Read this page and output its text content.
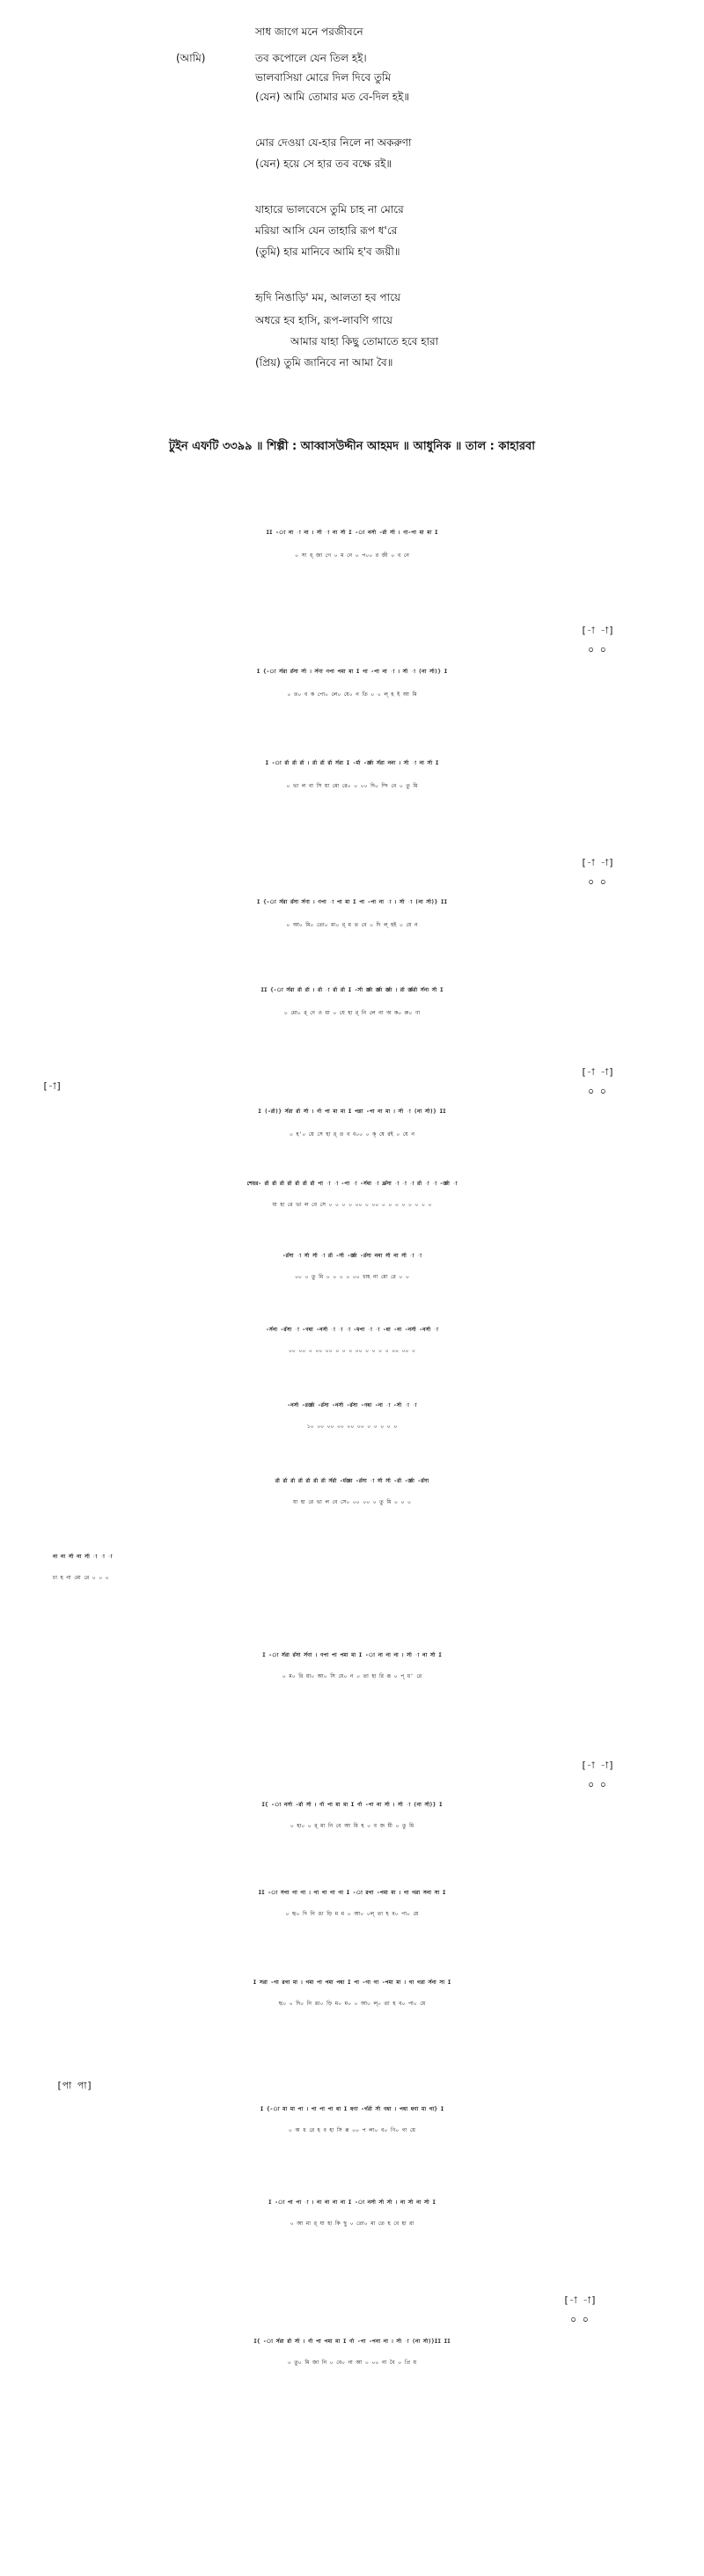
(আমি)
সাধ জাগে মনে পরজীবনে
তব কপোলে যেন তিল হই।
ভালবাসিয়া মোরে দিল দিবে তুমি
(যেন) আমি তোমার মত বে-দিল হই॥
মোর দেওয়া যে-হার নিলে না অকরুণা
(যেন) হয়ে সে হার তব বক্ষে রই॥
যাহারে ভালবেসে তুমি চাহ না মোরে
মরিয়া আসি যেন তাহারি রূপ ধ'রে
(তুমি) হার মানিবে আমি হ'ব জয়ী॥
হৃদি নিঙাড়ি' মম, আলতা হব পায়ে
অধরে হব হাসি, রূপ-লাবণি গায়ে
আমার যাহা কিছু তোমাতে হবে হারা
(প্রিয়) তুমি জানিবে না আমা বৈ॥
টুইন এফটি ৩৩৯৯ ॥ শিল্পী : আব্বাসউদ্দীন আহমদ ॥ আধুনিক ॥ তাল : কাহারবা
II -া না -া না । র্সা -া না র্সা I -া নর্সা -র্রা র্সা । ণা-পা মা মা I
০ সা ধ্ জা গে ০ ম নে ০ প০০ র জী ০ ব নে
[-া -া]
০ ০
I {-া র্সরা র্রসা র্সা । র্সণা ণপা পমা মা I গা -পা না -া । র্সা -া (না র্সা)} I
০ ত০ ব ক পো০ লে০ যে০ ন তি ০ ০ ল্ হ ই আ মি
I -া র্রা র্রা র্রা । র্রা র্রা র্রা র্সরা I -র্মা -র্জ্ঞা র্সরা ননা । র্সা -া না র্সা I
০ ভা ল বা সি য়া মো রে০ ০ ০০ দি০ ল্দি বে ০ তু মি
[-া -া]
০ ০
I {-া র্সরা র্রসা র্সণা । ণপা -া পা মা I পা -পা না -া । র্সা -া (না র্সা)} II
০ আ০ মি০ তো০ মা০ র্ ম ত বে ০ দি ল্ হই ০ যে ন
II {-া র্সরা র্রা র্রা । র্রা -া র্রা র্রা I -র্সা র্জ্ঞা র্জ্ঞা র্জ্ঞা । র্রা র্জ্ঞর্রা র্সনা র্সা I
০ মো০ র্ দে ও য়া ০ যে হা র্ নি লে না অ ক০ রু০ ণা
[-া]
[-া -া]
০ ০
I (-র্রা)} র্সরা র্রা র্সা । র্ণা পা মা মা I পণ্ণা -পা না মা । র্সা -া (না র্সা)} II
০ হ'০ য়ে সে হা র্ ত ব ব০০ ০ ক্ ষে রই ০ যে ন
শেয়র- র্রা র্রা র্রা র্রা র্রা র্রা র্রা পা -া -া -পা -া -র্সধা -া র্ঝ্রসা -া -া -া র্রা -া -া -র্জ্ঞা -া
যা হা রে ভা ল বে সে ০ ০ ০ ০ ০০ ০ ০০ ০ ০ ০ ০ ০ ০ ০ ০
-র্রসা -া র্সা র্সা -া র্রা -র্সা -র্জ্ঞা -র্রসা ননা র্সা না র্সা -া -া
০০ ০ তু মি ০ ০ ০ ০ ০০ চাহ না মো রে ০ ০
-র্সনা -র্রসা -া -ণধা -নর্সা -া -া -া -মপা -া -া -ধা -না -নর্সা -নর্সা -া
০০ ০০ ০ ০০ ০০ ০ ০ ০ ০০ ০ ০ ০ ০ ০০ ০০ ০
-নর্সা -রর্জ্ঞা -র্রসা -নর্সা -র্রসা -ণধা -না -া -র্সা -া -া
১০ ০০ ০০ ০০ ০০ ০০ ০ ০ ০ ০ ০
র্রা র্রা র্রা র্রা র্রা র্রা র্রা র্সর্রা -র্মজ্ঞা -র্রসা -া র্সা র্সা -র্রা -র্জ্ঞা -র্রসা
যা হা রে ভা ল বে সে০ ০০ ০০ ০ তু মি ০ ০ ০
না না র্সা না র্সা -া -া -া
চা হ না মো রে ০ ০ ০
I -া র্সরা র্রসা র্সণা । ণপা পা পমা মা I -া না না না । র্সা -া না র্সা I
০ ম০ রি য়া০ আ০ সি যে০ ন ০ তা হা রি রূ ০ প্ ধ' রে
[-া -া]
০ ০
I{ -া নর্সা -র্রা র্সা । র্ণা পা মা মা I র্ণা -পা না র্সা । র্সা -া (না র্সা)} I
০ হা০ ০ র্ মা নি বে আ মি হ ০ ব জ য়ী ০ তু মি
II -া সগা গা গা । গা গা গা গা I -া রগা -পমা মা । গা গরা সনা সা I
০ হৃ০ দি নি ঙা ড়ি ম ম ০ আ০ ০ল্ তা হ ব০ পা০ য়ে
I সরা -গা রগা মা । গমা পা পমা পধা I পা -গা গা -পমা মা । গা গরা র্সনা সা I
হৃ০ ০ দি০ নি ঙা০ ড়ি ম০ ম০ ০ আ০ ল্০ তা হ ব০ পা০ য়ে
[পা পা]
I {-া মা মা পা । পা পা পা ধা I ধণা -র্গর্রা র্সা ণধা । পধা ধণা মা গা} I
০ অ ধ রে হ ব হা সি রূ ০০ প লা০ ব০ ণি০ গা য়ে
I -া পা পা -া । না না না না I -া নর্সা র্সা র্সা । না র্সা না র্সা I
০ আ মা র্ যা হা কি ছু ০ তো০ মা তে হ বে হা রা
[-া -া]
০ ০
I{ -া র্সরা র্রা র্সা । র্ণা পা পমা মা I র্ণা -পা -পনা না । র্সা -া (না র্সা)}II II
০ তু০ মি জা নি ০ বে০ না আ ০ ০০ না বৈ ০ প্রি য়
